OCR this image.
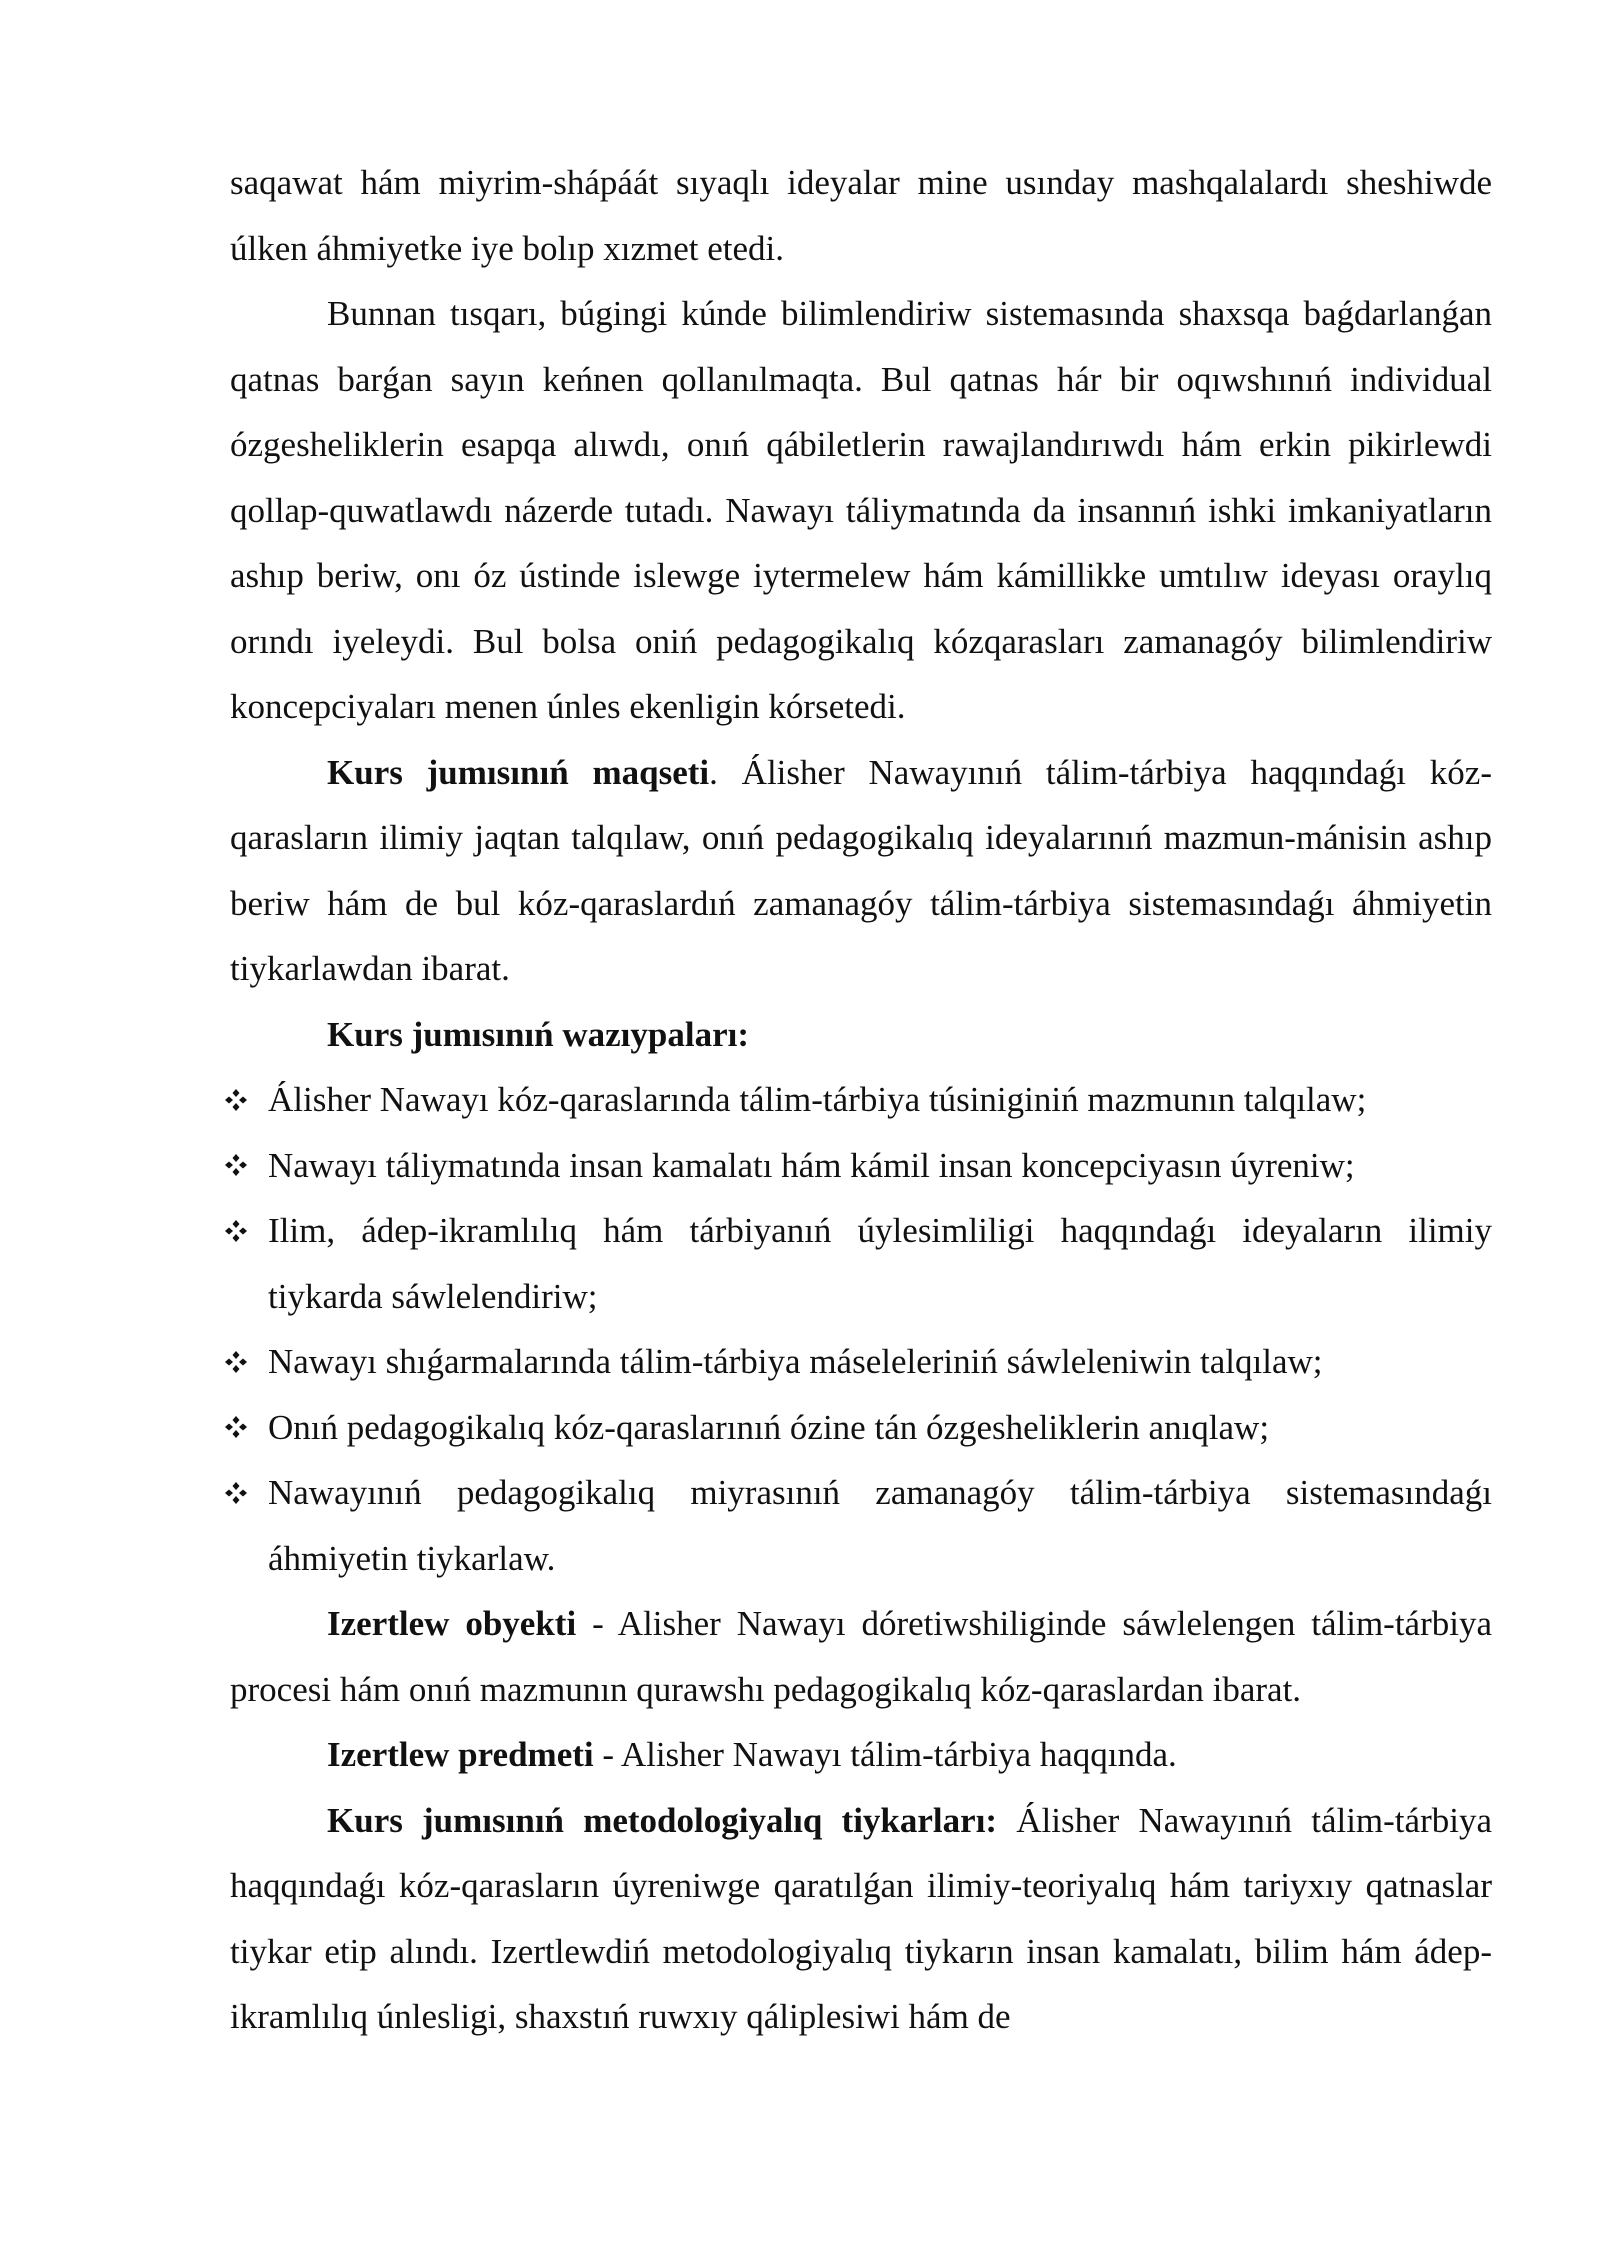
saqawat hám miyrim-shápáát sıyaqlı ideyalar mine usınday mashqalalardı sheshiwde úlken áhmiyetke iye bolıp xızmet etedi.

Bunnan tısqarı, búgingi kúnde bilimlendiriw sistemasında shaxsqa baǵdarlanǵan qatnas barǵan sayın keńnen qollanılmaqta. Bul qatnas hár bir oqıwshınıń individual ózgesheliklerin esapqa alıwdı, onıń qábiletlerin rawajlandırıwdı hám erkin pikirlewdi qollap-quwatlawdı názerde tutadı. Nawayı táliymatında da insannıń ishki imkaniyatların ashıp beriw, onı óz ústinde islewge iytermelew hám kámillikke umtılıw ideyası oraylıq orındı iyeleydi. Bul bolsa oniń pedagogikalıq kózqarasları zamanagóy bilimlendiriw koncepciyaları menen únles ekenligin kórsetedi.

Kurs jumısınıń maqseti. Álisher Nawayınıń tálim-tárbiya haqqındaǵı kóz-qarasların ilimiy jaqtan talqılaw, onıń pedagogikalıq ideyalarınıń mazmun-mánisin ashıp beriw hám de bul kóz-qaraslardıń zamanagóy tálim-tárbiya sistemasındaǵı áhmiyetin tiykarlawdan ibarat.

Kurs jumısınıń wazıypaları:

Álisher Nawayı kóz-qaraslarında tálim-tárbiya túsiniginiń mazmunın talqılaw;
Nawayı táliymatında insan kamalatı hám kámil insan koncepciyasın úyreniw;
Ilim, ádep-ikramlılıq hám tárbiyanıń úylesimliligi haqqındaǵı ideyaların ilimiy tiykarda sáwlelendiriw;
Nawayı shıǵarmalarında tálim-tárbiya máseleleriniń sáwleleniwin talqılaw;
Onıń pedagogikalıq kóz-qaraslarınıń ózine tán ózgesheliklerin anıqlaw;
Nawayınıń pedagogikalıq miyrasınıń zamanagóy tálim-tárbiya sistemasındaǵı áhmiyetin tiykarlaw.

Izertlew obyekti - Alisher Nawayı dóretiwshiliginde sáwlelengen tálim-tárbiya procesi hám onıń mazmunın qurawshı pedagogikalıq kóz-qaraslardan ibarat.

Izertlew predmeti - Alisher Nawayı tálim-tárbiya haqqında.

Kurs jumısınıń metodologiyalıq tiykarları: Álisher Nawayınıń tálim-tárbiya haqqındaǵı kóz-qarasların úyreniwge qaratılǵan ilimiy-teoriyalıq hám tariyxıy qatnaslar tiykar etip alındı. Izertlewdiń metodologiyalıq tiykarın insan kamalatı, bilim hám ádep-ikramlılıq únlesligi, shaxstıń ruwxıy qáliplesiwi hám de
